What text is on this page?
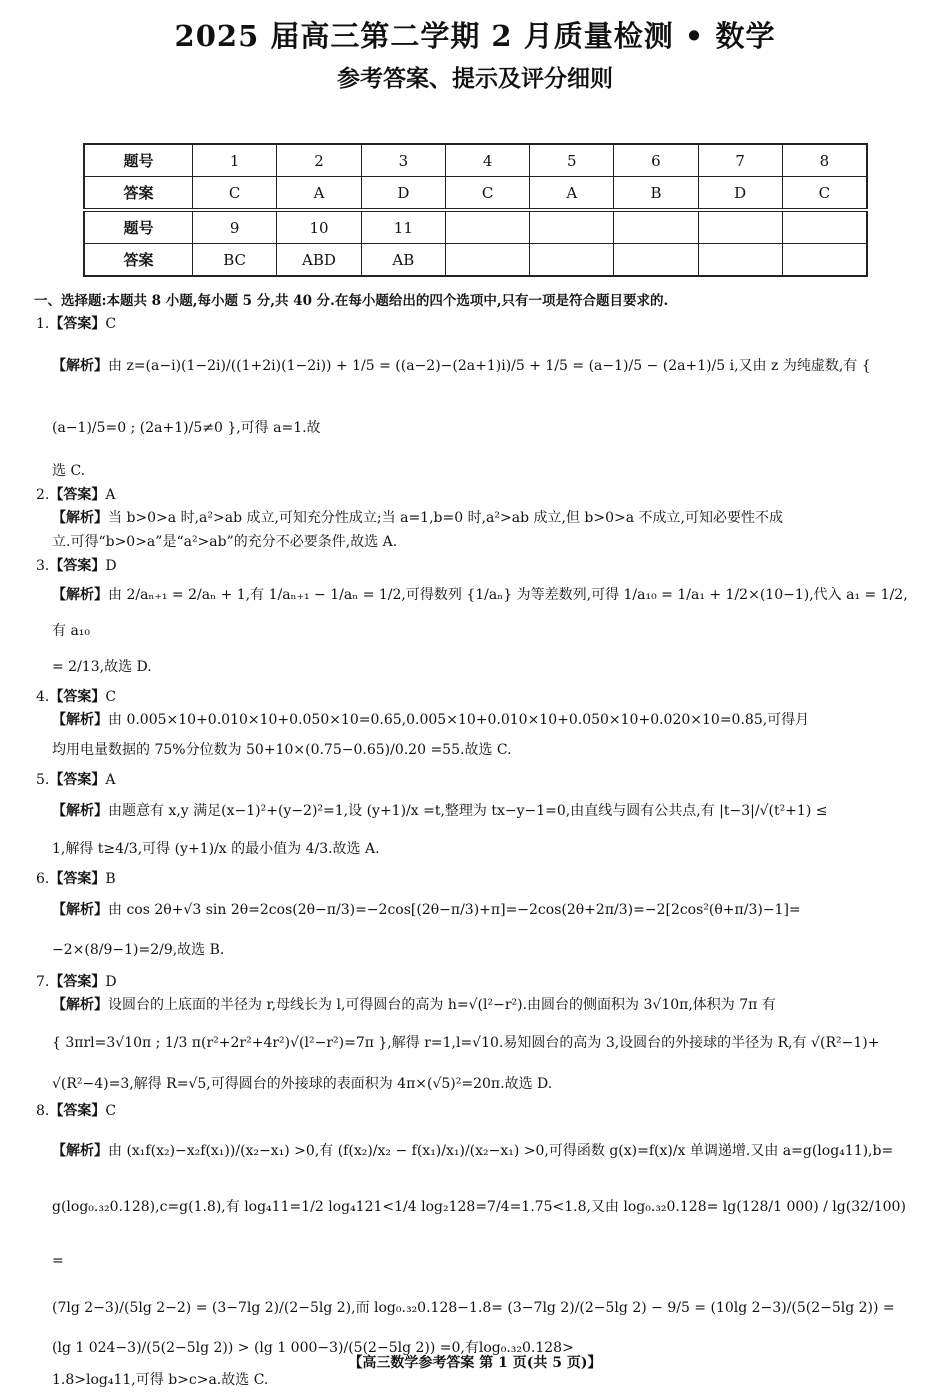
2025 届高三第二学期 2 月质量检测 • 数学
参考答案、提示及评分细则
题号	1	2	3	4	5	6	7	8
答案	C	A	D	C	A	B	D	C
题号	9	10	11					
答案	BC	ABD	AB					

一、选择题:本题共 8 小题,每小题 5 分,共 40 分.在每小题给出的四个选项中,只有一项是符合题目要求的.

1.【答案】C

【解析】由 z=(a−i)(1−2i)/((1+2i)(1−2i)) + 1/5 = ((a−2)−(2a+1)i)/5 + 1/5 = (a−1)/5 − (2a+1)/5 i,又由 z 为纯虚数,有 { (a−1)/5=0 ; (2a+1)/5≠0 },可得 a=1.故

选 C.

2.【答案】A

【解析】当 b>0>a 时,a²>ab 成立,可知充分性成立;当 a=1,b=0 时,a²>ab 成立,但 b>0>a 不成立,可知必要性不成

立.可得“b>0>a”是“a²>ab”的充分不必要条件,故选 A.

3.【答案】D

【解析】由 2/aₙ₊₁ = 2/aₙ + 1,有 1/aₙ₊₁ − 1/aₙ = 1/2,可得数列 {1/aₙ} 为等差数列,可得 1/a₁₀ = 1/a₁ + 1/2×(10−1),代入 a₁ = 1/2,有 a₁₀

= 2/13,故选 D.

4.【答案】C

【解析】由 0.005×10+0.010×10+0.050×10=0.65,0.005×10+0.010×10+0.050×10+0.020×10=0.85,可得月

均用电量数据的 75%分位数为 50+10×(0.75−0.65)/0.20 =55.故选 C.

5.【答案】A

【解析】由题意有 x,y 满足(x−1)²+(y−2)²=1,设 (y+1)/x =t,整理为 tx−y−1=0,由直线与圆有公共点,有 |t−3|/√(t²+1) ≤

1,解得 t≥4/3,可得 (y+1)/x 的最小值为 4/3.故选 A.

6.【答案】B

【解析】由 cos 2θ+√3 sin 2θ=2cos(2θ−π/3)=−2cos[(2θ−π/3)+π]=−2cos(2θ+2π/3)=−2[2cos²(θ+π/3)−1]=

−2×(8/9−1)=2/9,故选 B.

7.【答案】D

【解析】设圆台的上底面的半径为 r,母线长为 l,可得圆台的高为 h=√(l²−r²).由圆台的侧面积为 3√10π,体积为 7π 有

{ 3πrl=3√10π ; 1/3 π(r²+2r²+4r²)√(l²−r²)=7π },解得 r=1,l=√10.易知圆台的高为 3,设圆台的外接球的半径为 R,有 √(R²−1)+

√(R²−4)=3,解得 R=√5,可得圆台的外接球的表面积为 4π×(√5)²=20π.故选 D.

8.【答案】C

【解析】由 (x₁f(x₂)−x₂f(x₁))/(x₂−x₁) >0,有 (f(x₂)/x₂ − f(x₁)/x₁)/(x₂−x₁) >0,可得函数 g(x)=f(x)/x 单调递增.又由 a=g(log₄11),b=

g(log₀.₃₂0.128),c=g(1.8),有 log₄11=1/2 log₄121<1/4 log₂128=7/4=1.75<1.8,又由 log₀.₃₂0.128= lg(128/1 000) / lg(32/100) =

(7lg 2−3)/(5lg 2−2) = (3−7lg 2)/(2−5lg 2),而 log₀.₃₂0.128−1.8= (3−7lg 2)/(2−5lg 2) − 9/5 = (10lg 2−3)/(5(2−5lg 2)) = (lg 1 024−3)/(5(2−5lg 2)) > (lg 1 000−3)/(5(2−5lg 2)) =0,有log₀.₃₂0.128>

1.8>log₄11,可得 b>c>a.故选 C.

【高三数学参考答案 第 1 页(共 5 页)】
